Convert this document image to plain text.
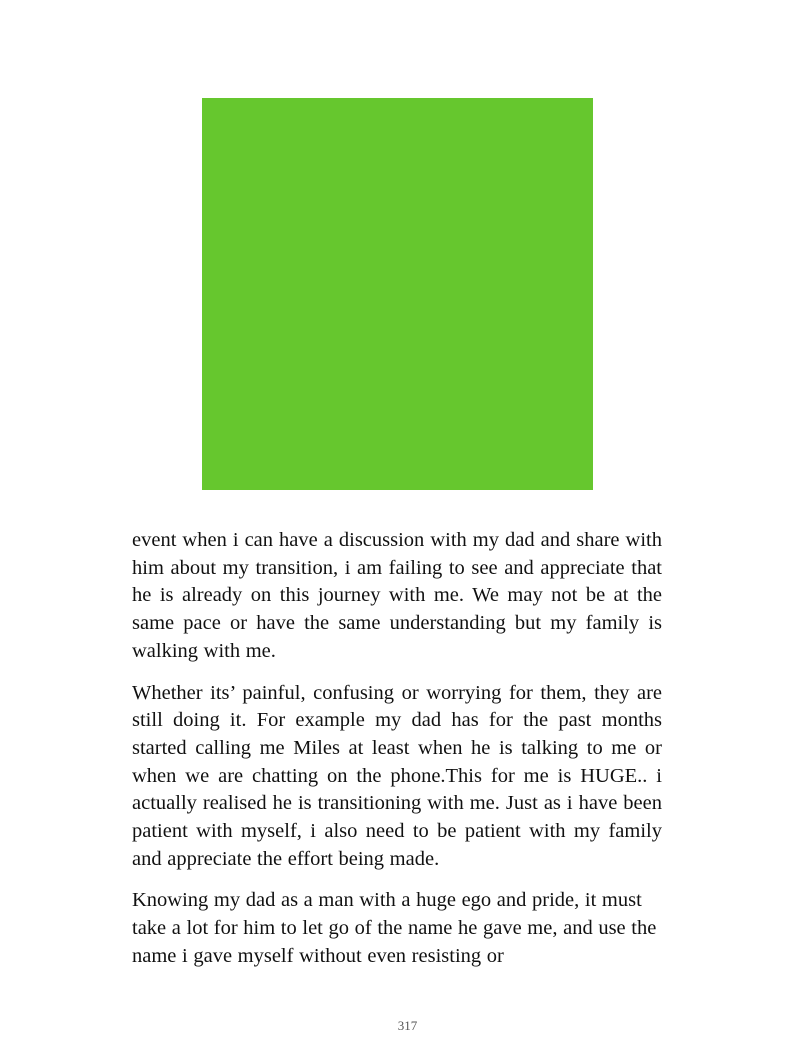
event when i can have a discussion with my dad and share with him about my transition, i am failing to see and appreciate that he is already on this journey with me. We may not be at the same pace or have the same understanding but my family is walking with me.

Whether its’ painful, confusing or worrying for them, they are still doing it. For example my dad has for the past months started calling me Miles at least when he is talking to me or when we are chatting on the phone.This for me is HUGE.. i actually realised he is transitioning with me. Just as i have been patient with myself, i also need to be patient with my family and appreciate the effort being made.

Knowing my dad as a man with a huge ego and pride, it must take a lot for him to let go of the name he gave me, and use the name i gave myself without even resisting or

317
